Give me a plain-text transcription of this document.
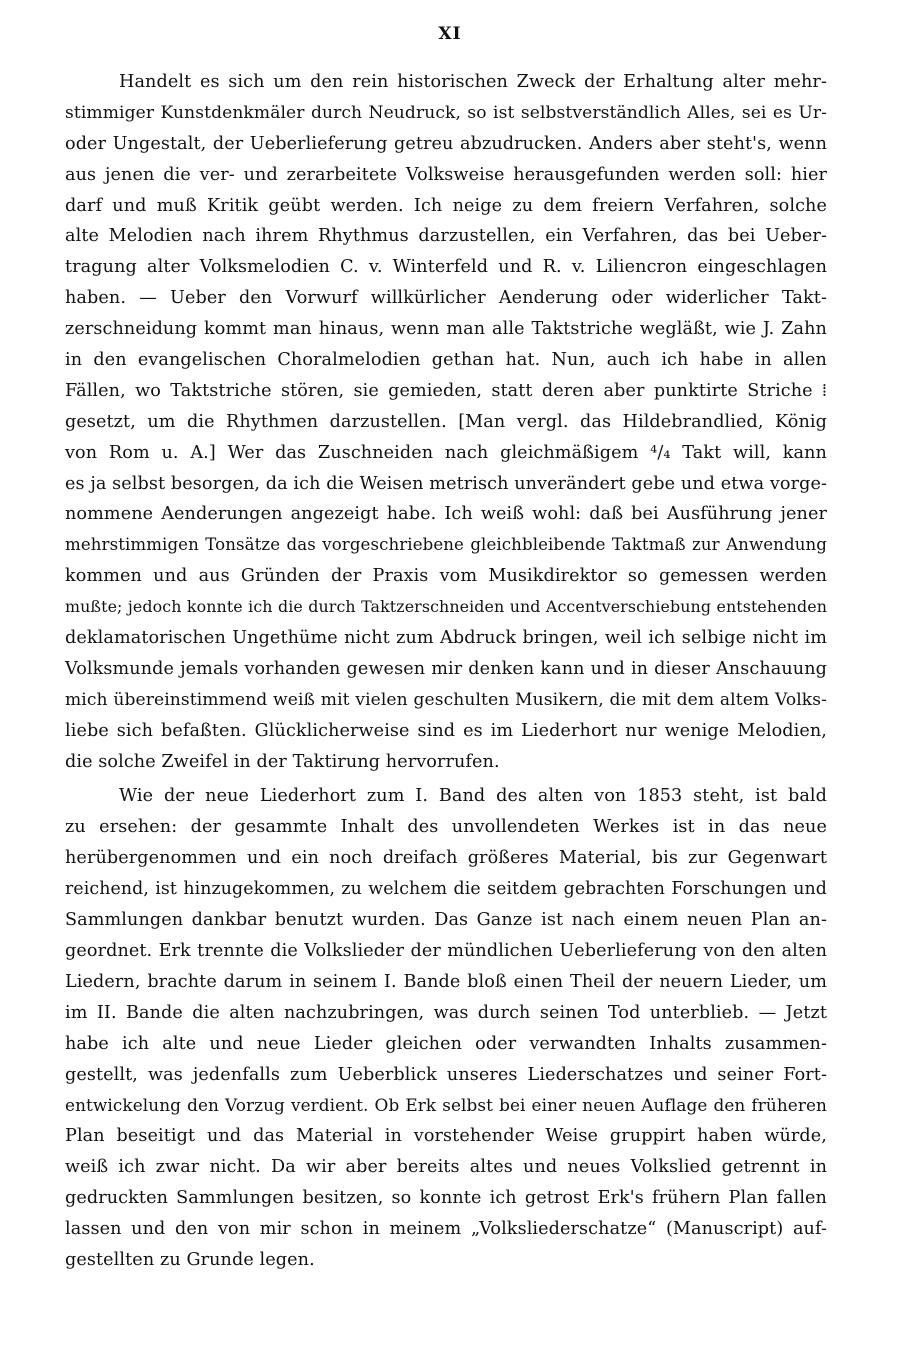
XI
Handelt es sich um den rein historischen Zweck der Erhaltung alter mehr-
stimmiger Kunstdenkmäler durch Neudruck, so ist selbstverständlich Alles, sei es Ur-
oder Ungestalt, der Ueberlieferung getreu abzudrucken. Anders aber steht's, wenn
aus jenen die ver- und zerarbeitete Volksweise herausgefunden werden soll: hier
darf und muß Kritik geübt werden. Ich neige zu dem freiern Verfahren, solche
alte Melodien nach ihrem Rhythmus darzustellen, ein Verfahren, das bei Ueber-
tragung alter Volksmelodien C. v. Winterfeld und R. v. Liliencron eingeschlagen
haben. — Ueber den Vorwurf willkürlicher Aenderung oder widerlicher Takt-
zerschneidung kommt man hinaus, wenn man alle Taktstriche wegläßt, wie J. Zahn
in den evangelischen Choralmelodien gethan hat. Nun, auch ich habe in allen
Fällen, wo Taktstriche stören, sie gemieden, statt deren aber punktirte Striche ⁞
gesetzt, um die Rhythmen darzustellen. [Man vergl. das Hildebrandlied, König
von Rom u. A.] Wer das Zuschneiden nach gleichmäßigem ⁴/₄ Takt will, kann
es ja selbst besorgen, da ich die Weisen metrisch unverändert gebe und etwa vorge-
nommene Aenderungen angezeigt habe. Ich weiß wohl: daß bei Ausführung jener
mehrstimmigen Tonsätze das vorgeschriebene gleichbleibende Taktmaß zur Anwendung
kommen und aus Gründen der Praxis vom Musikdirektor so gemessen werden
mußte; jedoch konnte ich die durch Taktzerschneiden und Accentverschiebung entstehenden
deklamatorischen Ungethüme nicht zum Abdruck bringen, weil ich selbige nicht im
Volksmunde jemals vorhanden gewesen mir denken kann und in dieser Anschauung
mich übereinstimmend weiß mit vielen geschulten Musikern, die mit dem altem Volks-
liebe sich befaßten. Glücklicherweise sind es im Liederhort nur wenige Melodien,
die solche Zweifel in der Taktirung hervorrufen.
Wie der neue Liederhort zum I. Band des alten von 1853 steht, ist bald
zu ersehen: der gesammte Inhalt des unvollendeten Werkes ist in das neue
herübergenommen und ein noch dreifach größeres Material, bis zur Gegenwart
reichend, ist hinzugekommen, zu welchem die seitdem gebrachten Forschungen und
Sammlungen dankbar benutzt wurden. Das Ganze ist nach einem neuen Plan an-
geordnet. Erk trennte die Volkslieder der mündlichen Ueberlieferung von den alten
Liedern, brachte darum in seinem I. Bande bloß einen Theil der neuern Lieder, um
im II. Bande die alten nachzubringen, was durch seinen Tod unterblieb. — Jetzt
habe ich alte und neue Lieder gleichen oder verwandten Inhalts zusammen-
gestellt, was jedenfalls zum Ueberblick unseres Liederschatzes und seiner Fort-
entwickelung den Vorzug verdient. Ob Erk selbst bei einer neuen Auflage den früheren
Plan beseitigt und das Material in vorstehender Weise gruppirt haben würde,
weiß ich zwar nicht. Da wir aber bereits altes und neues Volkslied getrennt in
gedruckten Sammlungen besitzen, so konnte ich getrost Erk's frühern Plan fallen
lassen und den von mir schon in meinem „Volksliederschatze“ (Manuscript) auf-
gestellten zu Grunde legen.
